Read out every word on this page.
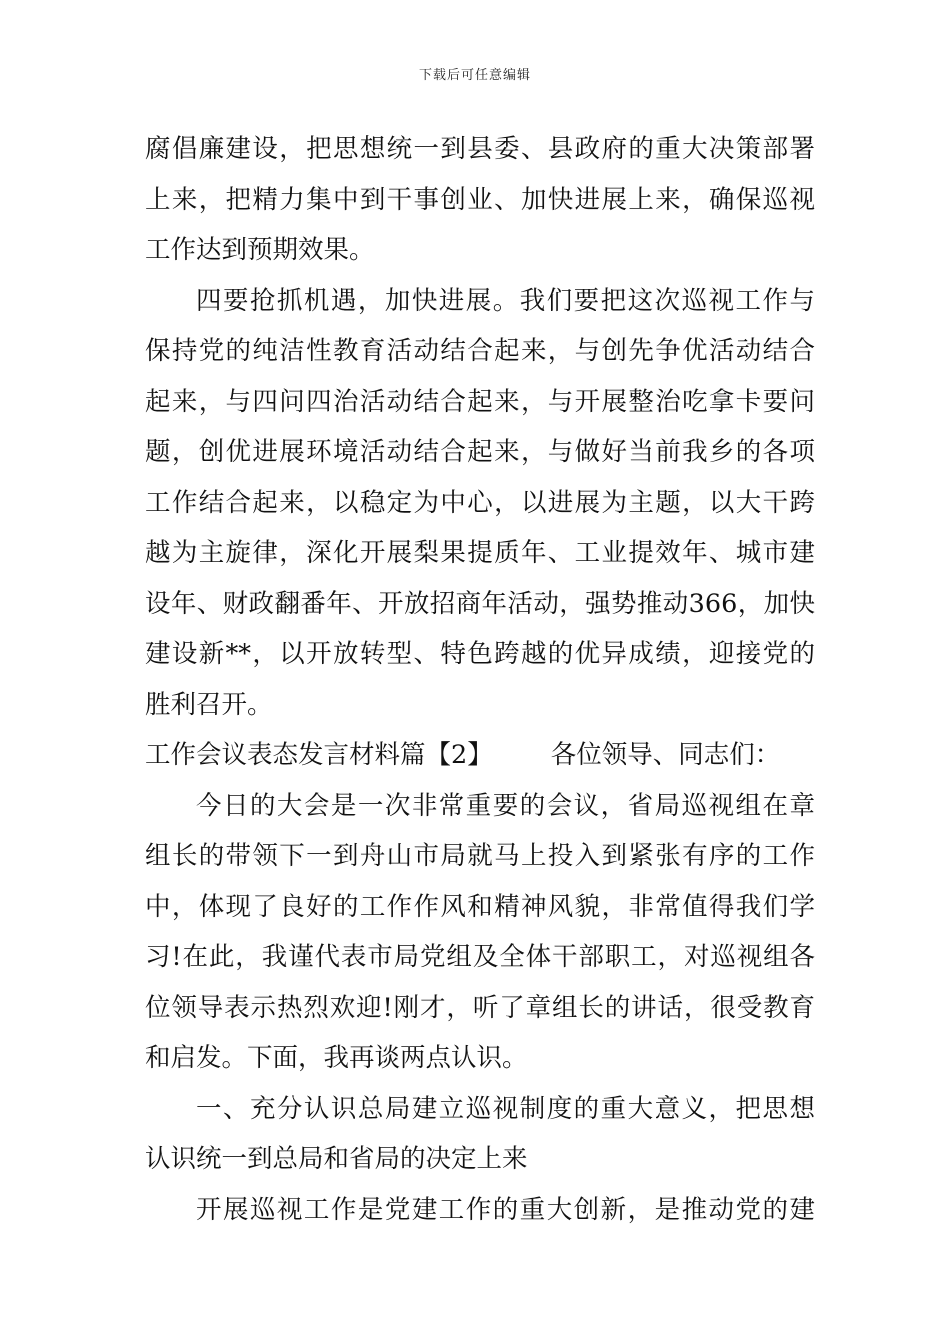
下载后可任意编辑
腐倡廉建设，把思想统一到县委、县政府的重大决策部署
上来，把精力集中到干事创业、加快进展上来，确保巡视
工作达到预期效果。
四要抢抓机遇，加快进展。我们要把这次巡视工作与
保持党的纯洁性教育活动结合起来，与创先争优活动结合
起来，与四问四治活动结合起来，与开展整治吃拿卡要问
题，创优进展环境活动结合起来，与做好当前我乡的各项
工作结合起来，以稳定为中心，以进展为主题，以大干跨
越为主旋律，深化开展梨果提质年、工业提效年、城市建
设年、财政翻番年、开放招商年活动，强势推动366，加快
建设新**，以开放转型、特色跨越的优异成绩，迎接党的
胜利召开。
工作会议表态发言材料篇【2】 各位领导、同志们：
今日的大会是一次非常重要的会议，省局巡视组在章
组长的带领下一到舟山市局就马上投入到紧张有序的工作
中，体现了良好的工作作风和精神风貌，非常值得我们学
习!在此，我谨代表市局党组及全体干部职工，对巡视组各
位领导表示热烈欢迎!刚才，听了章组长的讲话，很受教育
和启发。下面，我再谈两点认识。
一、充分认识总局建立巡视制度的重大意义，把思想
认识统一到总局和省局的决定上来
开展巡视工作是党建工作的重大创新，是推动党的建
